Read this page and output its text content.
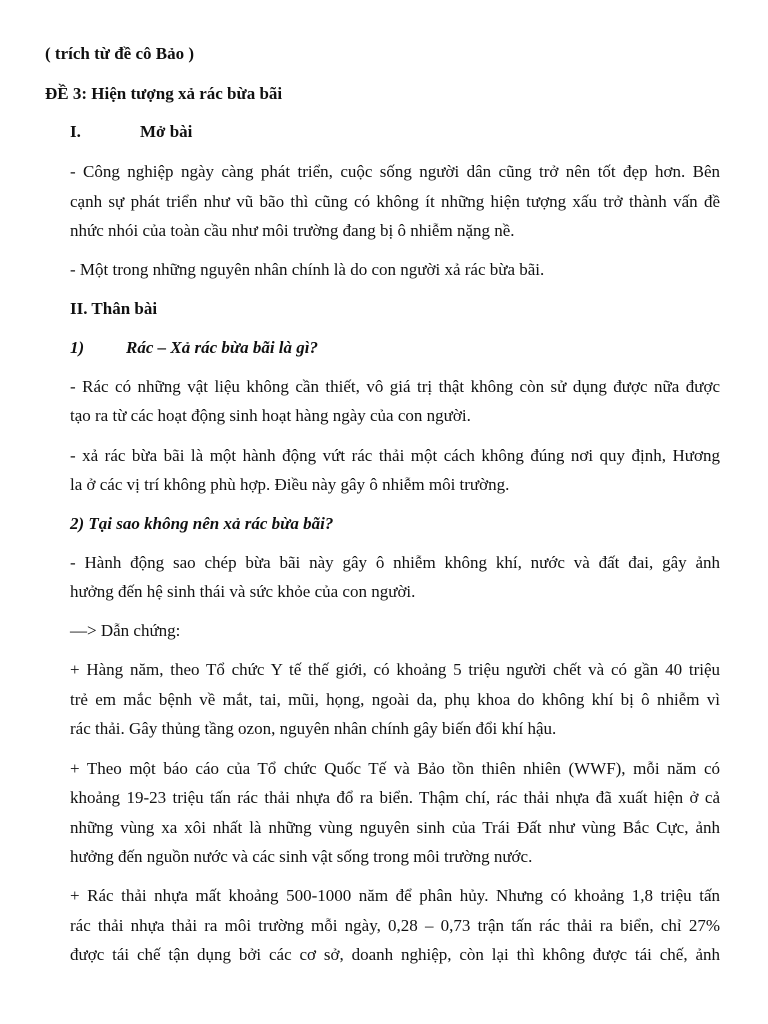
( trích từ đề cô Bảo )

ĐỀ 3: Hiện tượng xả rác bừa bãi

I.	Mở bài

- Công nghiệp ngày càng phát triển, cuộc sống người dân cũng trở nên tốt đẹp hơn. Bên

cạnh sự phát triển như vũ bão thì cũng có không ít những hiện tượng xấu trở thành vấn đề

nhức nhói của toàn cầu như môi trường đang bị ô nhiễm nặng nề.

- Một trong những nguyên nhân chính là do con người xả rác bừa bãi.

II. Thân bài

1) Rác – Xả rác bừa bãi là gì?

- Rác có những vật liệu không cần thiết, vô giá trị thật không còn sử dụng được nữa được

tạo ra từ các hoạt động sinh hoạt hàng ngày của con người.

- xả rác bừa bãi là một hành động vứt rác thải một cách không đúng nơi quy định, Hương

la ở các vị trí không phù hợp. Điều này gây ô nhiễm môi trường.

2) Tại sao không nên xả rác bừa bãi?

- Hành động sao chép bừa bãi này gây ô nhiễm không khí, nước và đất đai, gây ảnh

hưởng đến hệ sinh thái và sức khỏe của con người.

—> Dẫn chứng:

+ Hàng năm, theo Tổ chức Y tế thế giới, có khoảng 5 triệu người chết và có gần 40 triệu

trẻ em mắc bệnh về mắt, tai, mũi, họng, ngoài da, phụ khoa do không khí bị ô nhiễm vì

rác thải. Gây thủng tầng ozon, nguyên nhân chính gây biến đổi khí hậu.

+ Theo một báo cáo của Tổ chức Quốc Tế và Bảo tồn thiên nhiên (WWF), mỗi năm có

khoảng 19-23 triệu tấn rác thải nhựa đổ ra biển. Thậm chí, rác thải nhựa đã xuất hiện ở cả

những vùng xa xôi nhất là những vùng nguyên sinh của Trái Đất như vùng Bắc Cực, ảnh

hưởng đến nguồn nước và các sinh vật sống trong môi trường nước.

+ Rác thải nhựa mất khoảng 500-1000 năm để phân hủy. Nhưng có khoảng 1,8 triệu tấn

rác thải nhựa thải ra môi trường mỗi ngày, 0,28 – 0,73 trận tấn rác thải ra biển, chỉ 27%

được tái chế tận dụng bởi các cơ sở, doanh nghiệp, còn lại thì không được tái chế, ảnh
